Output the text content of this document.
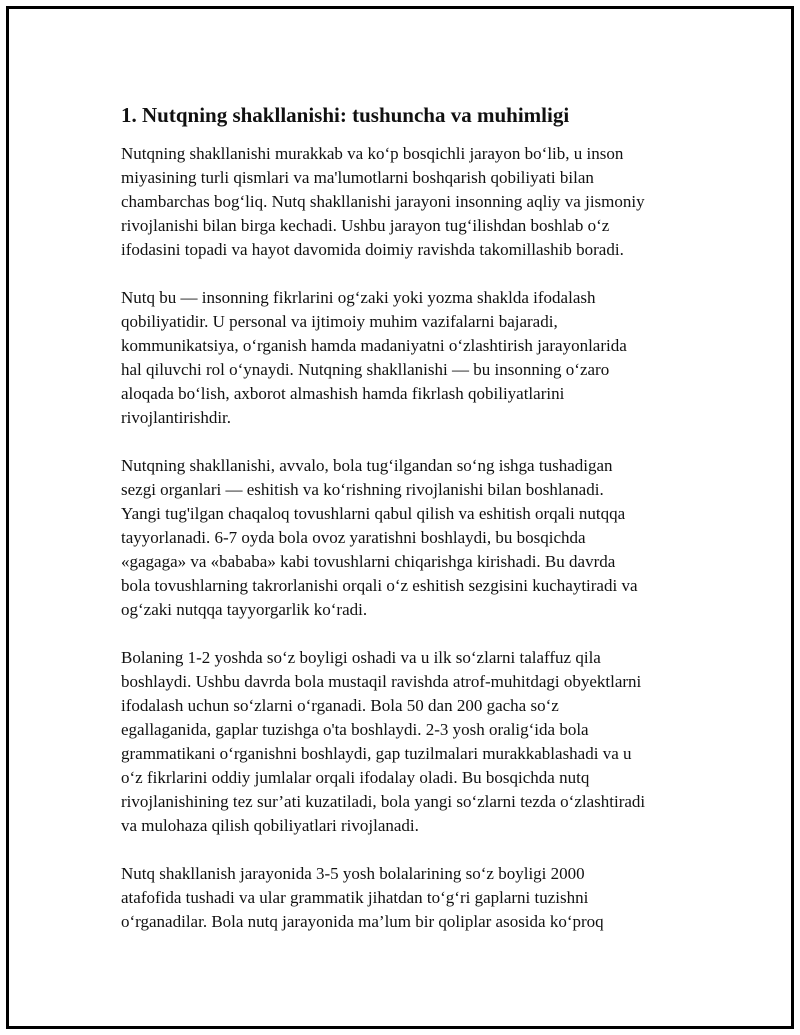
1. Nutqning shakllanishi: tushuncha va muhimligi

Nutqning shakllanishi murakkab va ko‘p bosqichli jarayon bo‘lib, u inson
miyasining turli qismlari va ma'lumotlarni boshqarish qobiliyati bilan
chambarchas bog‘liq. Nutq shakllanishi jarayoni insonning aqliy va jismoniy
rivojlanishi bilan birga kechadi. Ushbu jarayon tug‘ilishdan boshlab o‘z
ifodasini topadi va hayot davomida doimiy ravishda takomillashib boradi.

Nutq bu — insonning fikrlarini og‘zaki yoki yozma shaklda ifodalash
qobiliyatidir. U personal va ijtimoiy muhim vazifalarni bajaradi,
kommunikatsiya, o‘rganish hamda madaniyatni o‘zlashtirish jarayonlarida
hal qiluvchi rol o‘ynaydi. Nutqning shakllanishi — bu insonning o‘zaro
aloqada bo‘lish, axborot almashish hamda fikrlash qobiliyatlarini
rivojlantirishdir.

Nutqning shakllanishi, avvalo, bola tug‘ilgandan so‘ng ishga tushadigan
sezgi organlari — eshitish va ko‘rishning rivojlanishi bilan boshlanadi.
Yangi tug'ilgan chaqaloq tovushlarni qabul qilish va eshitish orqali nutqqa
tayyorlanadi. 6-7 oyda bola ovoz yaratishni boshlaydi, bu bosqichda
«gagaga» va «bababa» kabi tovushlarni chiqarishga kirishadi. Bu davrda
bola tovushlarning takrorlanishi orqali o‘z eshitish sezgisini kuchaytiradi va
og‘zaki nutqqa tayyorgarlik ko‘radi.

Bolaning 1-2 yoshda so‘z boyligi oshadi va u ilk so‘zlarni talaffuz qila
boshlaydi. Ushbu davrda bola mustaqil ravishda atrof-muhitdagi obyektlarni
ifodalash uchun so‘zlarni o‘rganadi. Bola 50 dan 200 gacha so‘z
egallaganida, gaplar tuzishga o'ta boshlaydi. 2-3 yosh oralig‘ida bola
grammatikani o‘rganishni boshlaydi, gap tuzilmalari murakkablashadi va u
o‘z fikrlarini oddiy jumlalar orqali ifodalay oladi. Bu bosqichda nutq
rivojlanishining tez sur’ati kuzatiladi, bola yangi so‘zlarni tezda o‘zlashtiradi
va mulohaza qilish qobiliyatlari rivojlanadi.

Nutq shakllanish jarayonida 3-5 yosh bolalarining so‘z boyligi 2000
atafofida tushadi va ular grammatik jihatdan to‘g‘ri gaplarni tuzishni
o‘rganadilar. Bola nutq jarayonida ma’lum bir qoliplar asosida ko‘proq
